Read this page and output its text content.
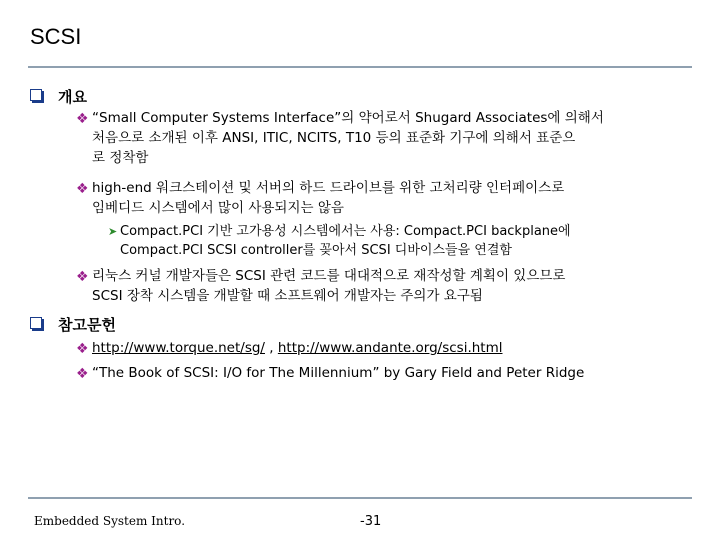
SCSI
개요
❖ “Small Computer Systems Interface”의 약어로서 Shugard Associates에 의해서
처음으로 소개된 이후 ANSI, ITIC, NCITS, T10 등의 표준화 기구에 의해서 표준으
로 정착함
❖ high-end 워크스테이션 및 서버의 하드 드라이브를 위한 고처리량 인터페이스로
임베디드 시스템에서 많이 사용되지는 않음
➤ Compact.PCI 기반 고가용성 시스템에서는 사용: Compact.PCI backplane에
Compact.PCI SCSI controller를 꽂아서 SCSI 디바이스들을 연결함
❖ 리눅스 커널 개발자들은 SCSI 관련 코드를 대대적으로 재작성할 계획이 있으므로
SCSI 장착 시스템을 개발할 때 소프트웨어 개발자는 주의가 요구됨
참고문헌
❖ http://www.torque.net/sg/ , http://www.andante.org/scsi.html
❖ “The Book of SCSI: I/O for The Millennium” by Gary Field and Peter Ridge
Embedded System Intro.	-31
